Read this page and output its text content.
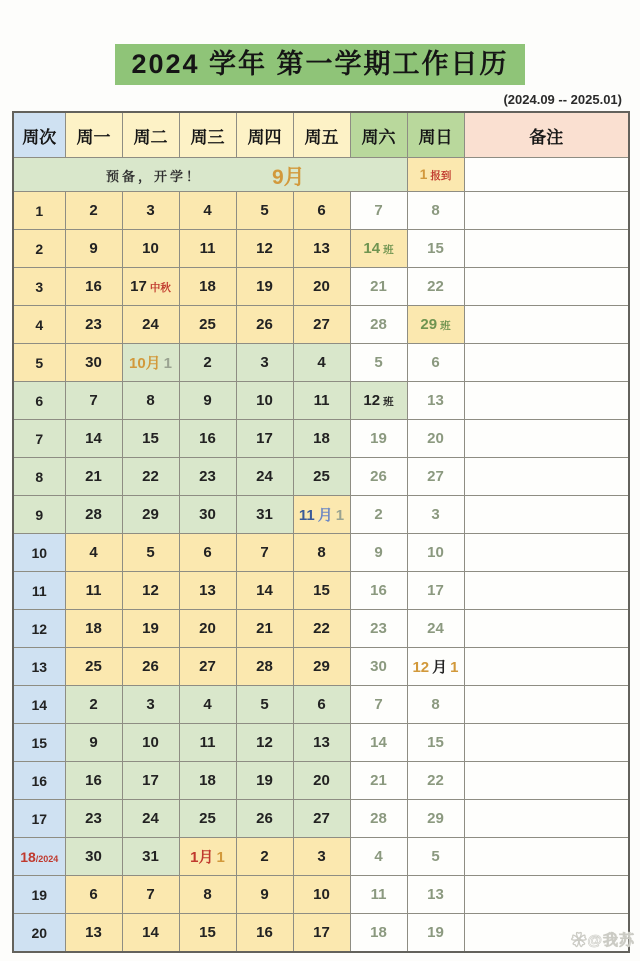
2024 学年 第一学期工作日历
(2024.09 -- 2025.01)
周次	周一	周二	周三	周四	周五	周六	周日	备注

预备，开学！ 9月							1 报到	
1	2	3	4	5	6	7	8	
2	9	10	11	12	13	14 班	15	
3	16	17 中秋	18	19	20	21	22	
4	23	24	25	26	27	28	29 班	
5	30	10月 1	2	3	4	5	6	
6	7	8	9	10	11	12 班	13	
7	14	15	16	17	18	19	20	
8	21	22	23	24	25	26	27	
9	28	29	30	31	11 月 1	2	3	
10	4	5	6	7	8	9	10	
11	11	12	13	14	15	16	17	
12	18	19	20	21	22	23	24	
13	25	26	27	28	29	30	12 月 1	
14	2	3	4	5	6	7	8	
15	9	10	11	12	13	14	15	
16	16	17	18	19	20	21	22	
17	23	24	25	26	27	28	29	
18/2024	30	31	1月 1	2	3	4	5	
19	6	7	8	9	10	11	13	
20	13	14	15	16	17	18	19		✿@我苏
